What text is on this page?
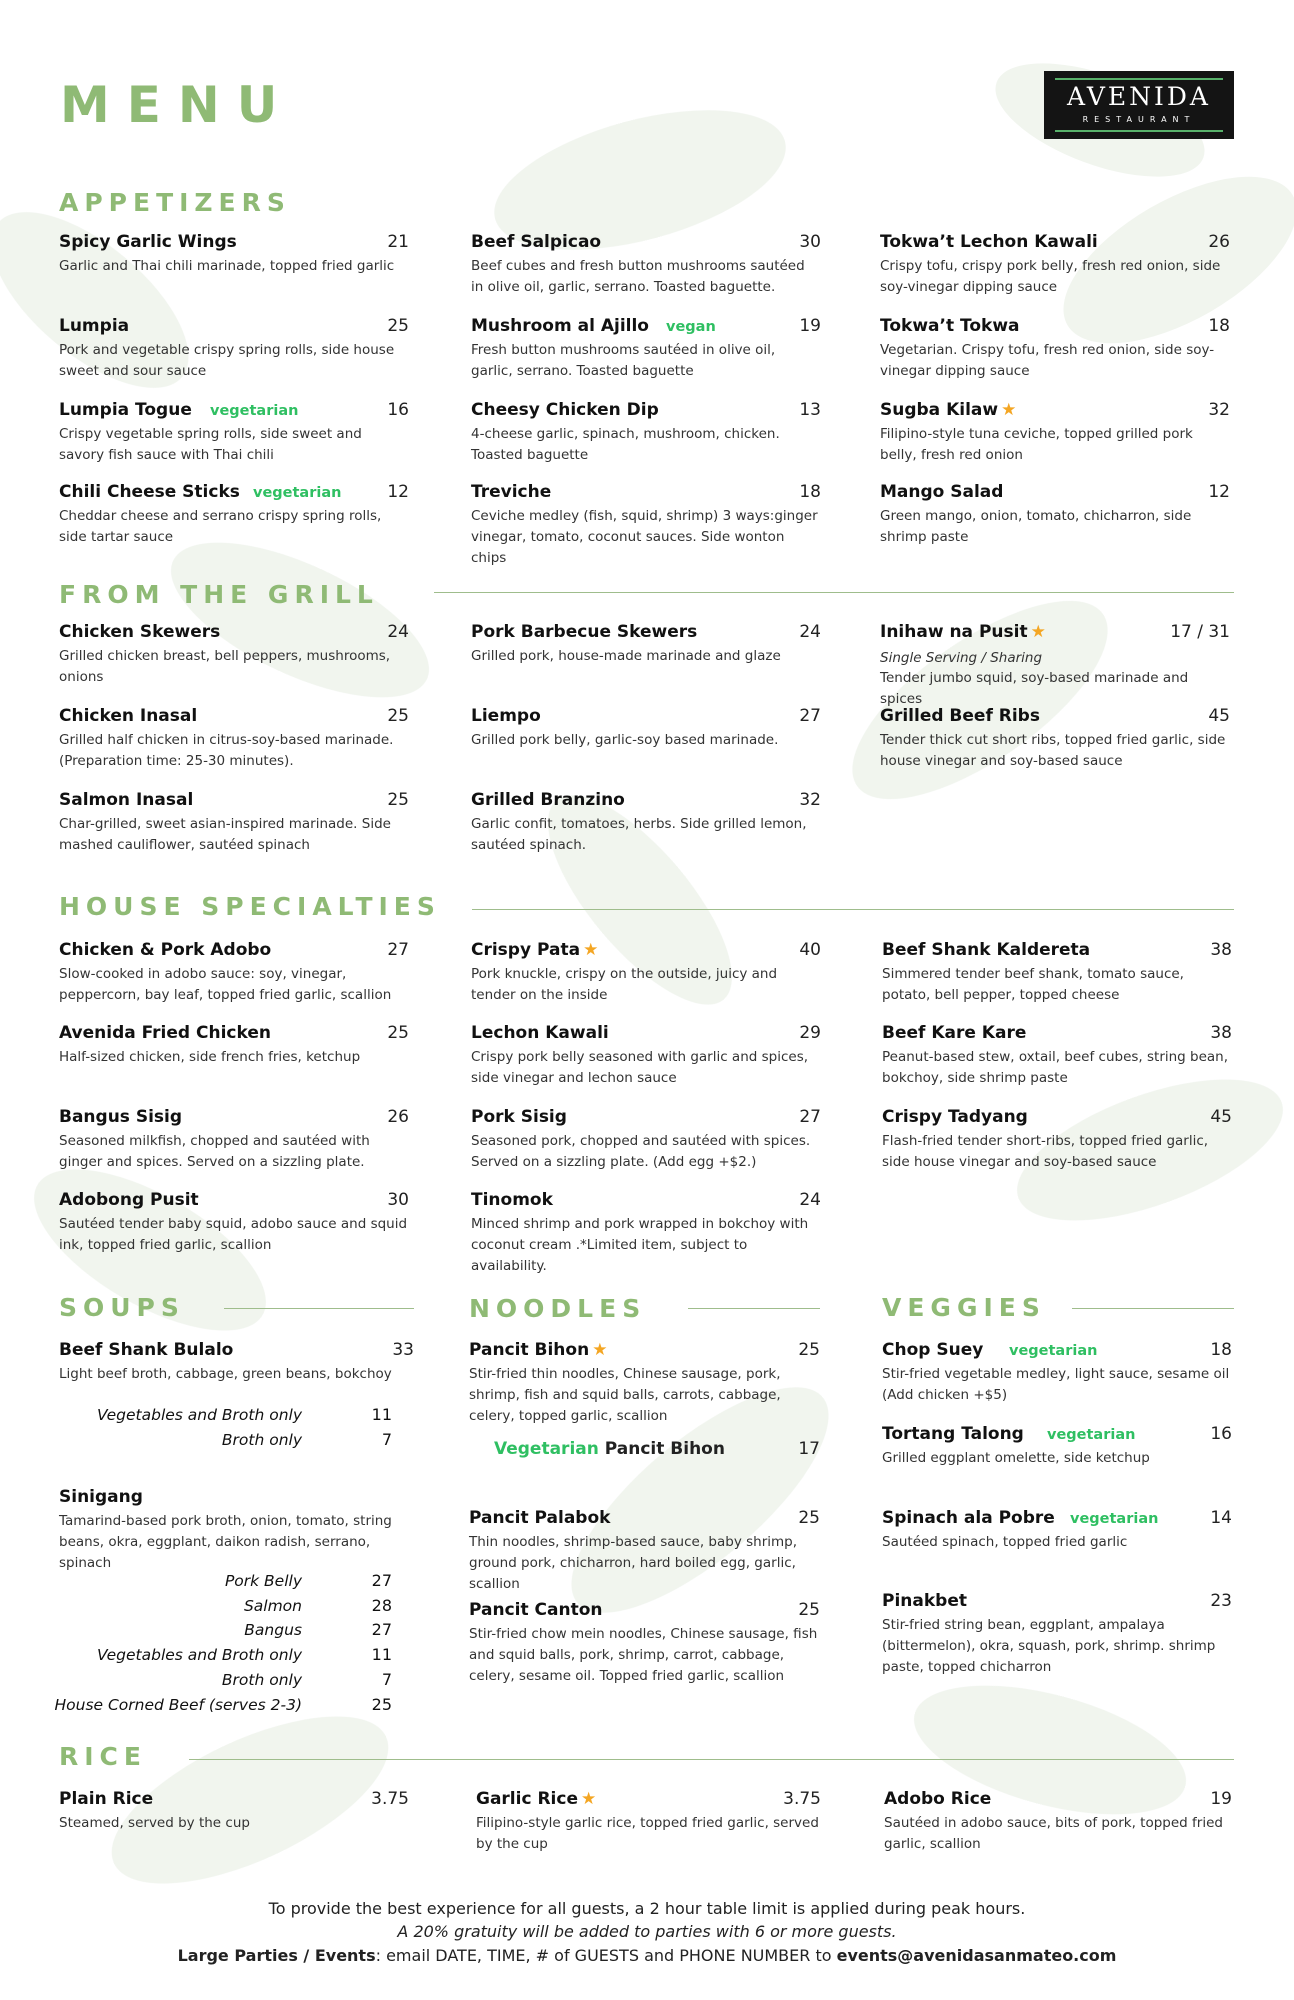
MENU	AVENIDA
RESTAURANT
APPETIZERS
FROM THE GRILL
HOUSE SPECIALTIES
SOUPS	NOODLES	VEGGIES
RICE
Spicy Garlic Wings	21
Garlic and Thai chili marinade, topped fried garlic
Beef Salpicao	30
Beef cubes and fresh button mushrooms sautéed in olive oil, garlic, serrano. Toasted baguette.
Tokwa’t Lechon Kawali	26
Crispy tofu, crispy pork belly, fresh red onion, side soy-vinegar dipping sauce
Lumpia	25
Pork and vegetable crispy spring rolls, side house sweet and sour sauce
Mushroom al Ajillo vegan	19
Fresh button mushrooms sautéed in olive oil, garlic, serrano. Toasted baguette
Tokwa’t Tokwa	18
Vegetarian. Crispy tofu, fresh red onion, side soy-vinegar dipping sauce
Lumpia Togue vegetarian	16
Crispy vegetable spring rolls, side sweet and savory fish sauce with Thai chili
Cheesy Chicken Dip	13
4-cheese garlic, spinach, mushroom, chicken. Toasted baguette
Sugba Kilaw ★	32
Filipino-style tuna ceviche, topped grilled pork belly, fresh red onion
Chili Cheese Sticks vegetarian	12
Cheddar cheese and serrano crispy spring rolls, side tartar sauce
Treviche	18
Ceviche medley (fish, squid, shrimp) 3 ways:ginger vinegar, tomato, coconut sauces. Side wonton chips
Mango Salad	12
Green mango, onion, tomato, chicharron, side shrimp paste
Chicken Skewers	24
Grilled chicken breast, bell peppers, mushrooms, onions
Pork Barbecue Skewers	24
Grilled pork, house-made marinade and glaze
Inihaw na Pusit ★	17 / 31
Single Serving / Sharing
Tender jumbo squid, soy-based marinade and spices
Chicken Inasal	25
Grilled half chicken in citrus-soy-based marinade. (Preparation time: 25-30 minutes).
Liempo	27
Grilled pork belly, garlic-soy based marinade.
Grilled Beef Ribs	45
Tender thick cut short ribs, topped fried garlic, side house vinegar and soy-based sauce
Salmon Inasal	25
Char-grilled, sweet asian-inspired marinade. Side mashed cauliflower, sautéed spinach
Grilled Branzino	32
Garlic confit, tomatoes, herbs. Side grilled lemon, sautéed spinach.
Chicken & Pork Adobo	27
Slow-cooked in adobo sauce: soy, vinegar, peppercorn, bay leaf, topped fried garlic, scallion
Crispy Pata ★	40
Pork knuckle, crispy on the outside, juicy and tender on the inside
Beef Shank Kaldereta	38
Simmered tender beef shank, tomato sauce, potato, bell pepper, topped cheese
Avenida Fried Chicken	25
Half-sized chicken, side french fries, ketchup
Lechon Kawali	29
Crispy pork belly seasoned with garlic and spices, side vinegar and lechon sauce
Beef Kare Kare	38
Peanut-based stew, oxtail, beef cubes, string bean, bokchoy, side shrimp paste
Bangus Sisig	26
Seasoned milkfish, chopped and sautéed with ginger and spices. Served on a sizzling plate.
Pork Sisig	27
Seasoned pork, chopped and sautéed with spices. Served on a sizzling plate. (Add egg +$2.)
Crispy Tadyang	45
Flash-fried tender short-ribs, topped fried garlic, side house vinegar and soy-based sauce
Adobong Pusit	30
Sautéed tender baby squid, adobo sauce and squid ink, topped fried garlic, scallion
Tinomok	24
Minced shrimp and pork wrapped in bokchoy with coconut cream .*Limited item, subject to availability.
Beef Shank Bulalo	33
Light beef broth, cabbage, green beans, bokchoy
Sinigang
Tamarind-based pork broth, onion, tomato, string beans, okra, eggplant, daikon radish, serrano, spinach
Pancit Bihon ★	25
Stir-fried thin noodles, Chinese sausage, pork, shrimp, fish and squid balls, carrots, cabbage, celery, topped garlic, scallion
Pancit Palabok	25
Thin noodles, shrimp-based sauce, baby shrimp, ground pork, chicharron, hard boiled egg, garlic, scallion
Pancit Canton	25
Stir-fried chow mein noodles, Chinese sausage, fish and squid balls, pork, shrimp, carrot, cabbage, celery, sesame oil. Topped fried garlic, scallion
Chop Suey vegetarian	18
Stir-fried vegetable medley, light sauce, sesame oil (Add chicken +$5)
Tortang Talong vegetarian	16
Grilled eggplant omelette, side ketchup
Spinach ala Pobre vegetarian	14
Sautéed spinach, topped fried garlic
Pinakbet	23
Stir-fried string bean, eggplant, ampalaya (bittermelon), okra, squash, pork, shrimp. shrimp paste, topped chicharron
Plain Rice	3.75
Steamed, served by the cup
Garlic Rice ★	3.75
Filipino-style garlic rice, topped fried garlic, served by the cup
Adobo Rice	19
Sautéed in adobo sauce, bits of pork, topped fried garlic, scallion
Vegetables and Broth only	11
Broth only	7
Pork Belly	27
Salmon	28
Bangus	27
Vegetables and Broth only	11
Broth only	7
House Corned Beef (serves 2-3)	25
Vegetarian Pancit Bihon	17
To provide the best experience for all guests, a 2 hour table limit is applied during peak hours.
A 20% gratuity will be added to parties with 6 or more guests.
Large Parties / Events: email DATE, TIME, # of GUESTS and PHONE NUMBER to events@avenidasanmateo.com
